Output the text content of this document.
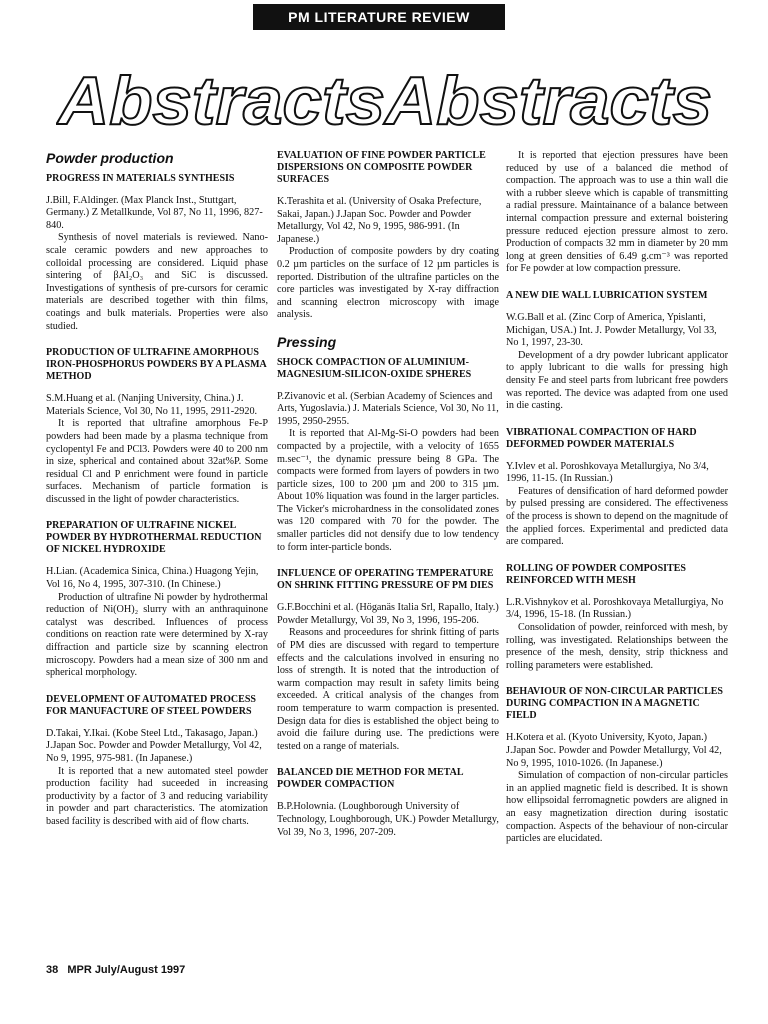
PM LITERATURE REVIEW
AbstractsAbstracts
Powder production
PROGRESS IN MATERIALS SYNTHESIS

J.Bill, F.Aldinger. (Max Planck Inst., Stuttgart, Germany.) Z Metallkunde, Vol 87, No 11, 1996, 827-840.

Synthesis of novel materials is reviewed. Nano-scale ceramic powders and new approaches to colloidal processing are considered. Liquid phase sintering of βAl₂O₃ and SiC is discussed. Investigations of synthesis of pre-cursors for ceramic materials are described together with thin films, coatings and bulk materials. Properties were also studied.

PRODUCTION OF ULTRAFINE AMORPHOUS IRON-PHOSPHORUS POWDERS BY A PLASMA METHOD

S.M.Huang et al. (Nanjing University, China.) J. Materials Science, Vol 30, No 11, 1995, 2911-2920.

It is reported that ultrafine amorphous Fe-P powders had been made by a plasma technique from cyclopentyl Fe and PCl3. Powders were 40 to 200 nm in size, spherical and contained about 32at%P. Some residual Cl and P enrichment were found in particle surfaces. Mechanism of particle formation is discussed in the light of powder characteristics.

PREPARATION OF ULTRAFINE NICKEL POWDER BY HYDROTHERMAL REDUCTION OF NICKEL HYDROXIDE

H.Lian. (Academica Sinica, China.) Huagong Yejin, Vol 16, No 4, 1995, 307-310. (In Chinese.)

Production of ultrafine Ni powder by hydrothermal reduction of Ni(OH)₂ slurry with an anthraquinone catalyst was described. Influences of process conditions on reaction rate were determined by X-ray diffraction and particle size by scanning electron microscopy. Powders had a mean size of 300 nm and spherical morphology.

DEVELOPMENT OF AUTOMATED PROCESS FOR MANUFACTURE OF STEEL POWDERS

D.Takai, Y.Ikai. (Kobe Steel Ltd., Takasago, Japan.) J.Japan Soc. Powder and Powder Metallurgy, Vol 42, No 9, 1995, 975-981. (In Japanese.)

It is reported that a new automated steel powder production facility had suceeded in increasing productivity by a factor of 3 and reducing variability in powder and part characteristics. The atomization based facility is described with aid of flow charts.

EVALUATION OF FINE POWDER PARTICLE DISPERSIONS ON COMPOSITE POWDER SURFACES

K.Terashita et al. (University of Osaka Prefecture, Sakai, Japan.) J.Japan Soc. Powder and Powder Metallurgy, Vol 42, No 9, 1995, 986-991. (In Japanese.)

Production of composite powders by dry coating 0.2 µm particles on the surface of 12 µm particles is reported. Distribution of the ultrafine particles on the core particles was investigated by X-ray diffraction and scanning electron microscopy with image analysis.

Pressing
SHOCK COMPACTION OF ALUMINIUM-MAGNESIUM-SILICON-OXIDE SPHERES

P.Zivanovic et al. (Serbian Academy of Sciences and Arts, Yugoslavia.) J. Materials Science, Vol 30, No 11, 1995, 2950-2955.

It is reported that Al-Mg-Si-O powders had been compacted by a projectile, with a velocity of 1655 m.sec⁻¹, the dynamic pressure being 8 GPa. The compacts were formed from layers of powders in two particle sizes, 100 to 200 µm and 200 to 315 µm. About 10% liquation was found in the larger particles. The Vicker's microhardness in the consolidated zones was 120 compared with 70 for the powder. The smaller particles did not densify due to low tendency to form inter-particle bonds.

INFLUENCE OF OPERATING TEMPERATURE ON SHRINK FITTING PRESSURE OF PM DIES

G.F.Bocchini et al. (Höganäs Italia Srl, Rapallo, Italy.) Powder Metallurgy, Vol 39, No 3, 1996, 195-206.

Reasons and proceedures for shrink fitting of parts of PM dies are discussed with regard to temperture effects and the calculations involved in ensuring no loss of strength. It is noted that the introduction of warm compaction may result in safety limits being exceeded. A critical analysis of the changes from room temperature to warm compaction is presented. Design data for dies is established the object being to avoid die failure during use. The predictions were tested on a range of materials.

BALANCED DIE METHOD FOR METAL POWDER COMPACTION

B.P.Holownia. (Loughborough University of Technology, Loughborough, UK.) Powder Metallurgy, Vol 39, No 3, 1996, 207-209.

It is reported that ejection pressures have been reduced by use of a balanced die method of compaction. The approach was to use a thin wall die with a rubber sleeve which is capable of transmitting a radial pressure. Maintainance of a balance between internal compaction pressure and external boistering pressure reduced ejection pressure almost to zero. Production of compacts 32 mm in diameter by 20 mm long at green densities of 6.49 g.cm⁻³ was reported for Fe powder at low compaction pressure.

A NEW DIE WALL LUBRICATION SYSTEM

W.G.Ball et al. (Zinc Corp of America, Ypislanti, Michigan, USA.) Int. J. Powder Metallurgy, Vol 33, No 1, 1997, 23-30.

Development of a dry powder lubricant applicator to apply lubricant to die walls for pressing high density Fe and steel parts from lubricant free powders was reported. The device was adapted from one used in die casting.

VIBRATIONAL COMPACTION OF HARD DEFORMED POWDER MATERIALS

Y.Ivlev et al. Poroshkovaya Metallurgiya, No 3/4, 1996, 11-15. (In Russian.)

Features of densification of hard deformed powder by pulsed pressing are considered. The effectiveness of the process is shown to depend on the magnitude of the applied forces. Experimental and predicted data are compared.

ROLLING OF POWDER COMPOSITES REINFORCED WITH MESH

L.R.Vishnykov et al. Poroshkovaya Metallurgiya, No 3/4, 1996, 15-18. (In Russian.)

Consolidation of powder, reinforced with mesh, by rolling, was investigated. Relationships between the presence of the mesh, density, strip thickness and rolling parameters were established.

BEHAVIOUR OF NON-CIRCULAR PARTICLES DURING COMPACTION IN A MAGNETIC FIELD

H.Kotera et al. (Kyoto University, Kyoto, Japan.) J.Japan Soc. Powder and Powder Metallurgy, Vol 42, No 9, 1995, 1010-1026. (In Japanese.)

Simulation of compaction of non-circular particles in an applied magnetic field is described. It is shown how ellipsoidal ferromagnetic powders are aligned in an easy magnetization direction during isostatic compaction. Aspects of the behaviour of non-circular particles are elucidated.

38 MPR July/August 1997
